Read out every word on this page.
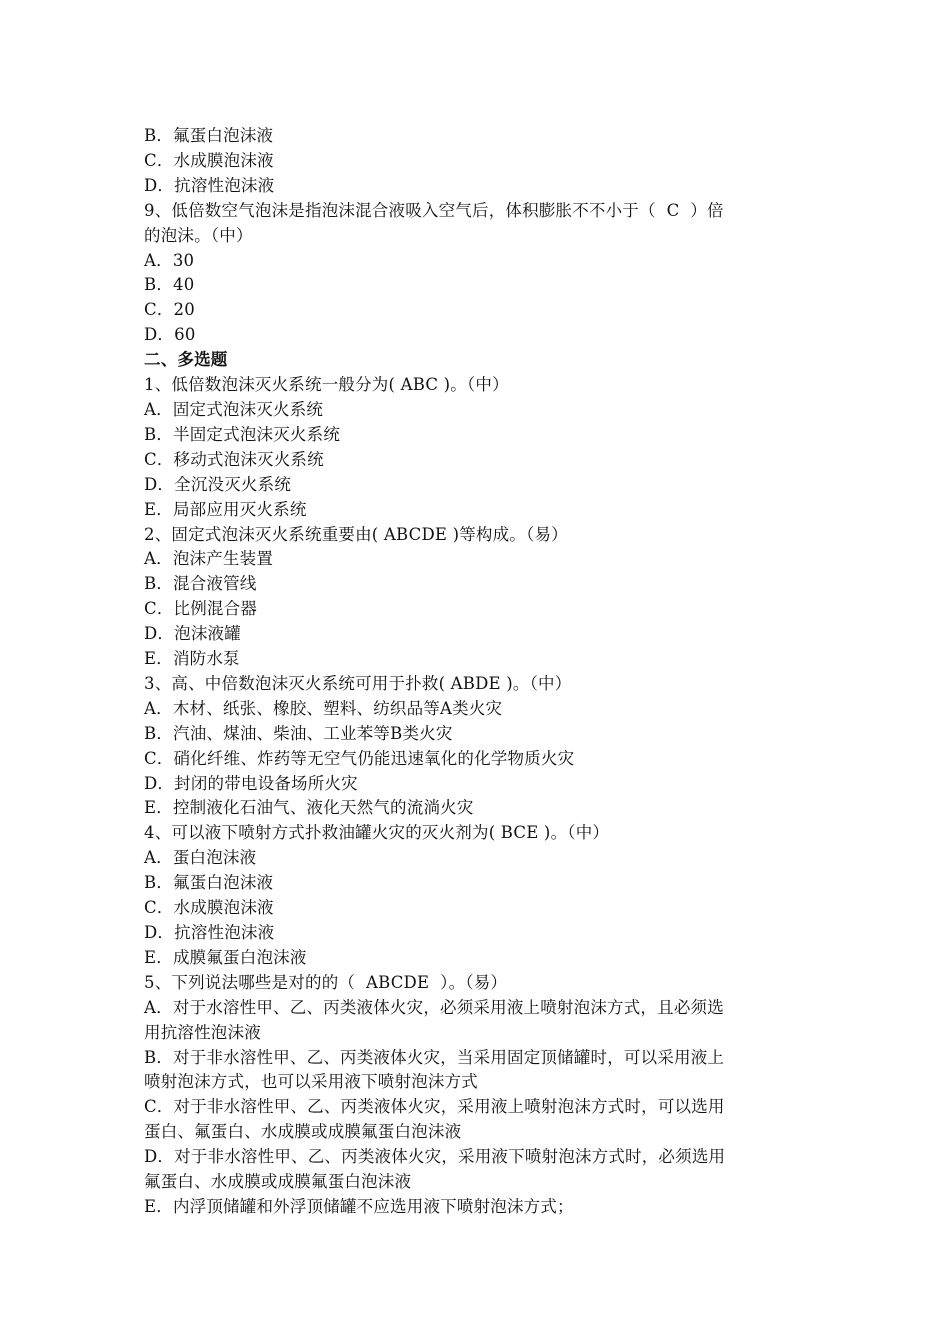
B．氟蛋白泡沫液
C．水成膜泡沫液
D．抗溶性泡沫液
9、低倍数空气泡沫是指泡沫混合液吸入空气后，体积膨胀不不小于（  C  ）倍
的泡沫。（中）
A．30
B．40
C．20
D．60
二、多选题
1、低倍数泡沫灭火系统一般分为( ABC )。（中）
A．固定式泡沫灭火系统
B．半固定式泡沫灭火系统
C．移动式泡沫灭火系统
D．全沉没灭火系统
E．局部应用灭火系统
2、固定式泡沫灭火系统重要由( ABCDE )等构成。（易）
A．泡沫产生装置
B．混合液管线
C．比例混合器
D．泡沫液罐
E．消防水泵
3、高、中倍数泡沫灭火系统可用于扑救( ABDE )。（中）
A．木材、纸张、橡胶、塑料、纺织品等A类火灾
B．汽油、煤油、柴油、工业苯等B类火灾
C．硝化纤维、炸药等无空气仍能迅速氧化的化学物质火灾
D．封闭的带电设备场所火灾
E．控制液化石油气、液化天然气的流淌火灾
4、可以液下喷射方式扑救油罐火灾的灭火剂为( BCE )。（中）
A．蛋白泡沫液
B．氟蛋白泡沫液
C．水成膜泡沫液
D．抗溶性泡沫液
E．成膜氟蛋白泡沫液
5、下列说法哪些是对的的（  ABCDE  ）。（易）
A．对于水溶性甲、乙、丙类液体火灾，必须采用液上喷射泡沫方式，且必须选
用抗溶性泡沫液
B．对于非水溶性甲、乙、丙类液体火灾，当采用固定顶储罐时，可以采用液上
喷射泡沫方式，也可以采用液下喷射泡沫方式
C．对于非水溶性甲、乙、丙类液体火灾，采用液上喷射泡沫方式时，可以选用
蛋白、氟蛋白、水成膜或成膜氟蛋白泡沫液
D．对于非水溶性甲、乙、丙类液体火灾，采用液下喷射泡沫方式时，必须选用
氟蛋白、水成膜或成膜氟蛋白泡沫液
E．内浮顶储罐和外浮顶储罐不应选用液下喷射泡沫方式；
